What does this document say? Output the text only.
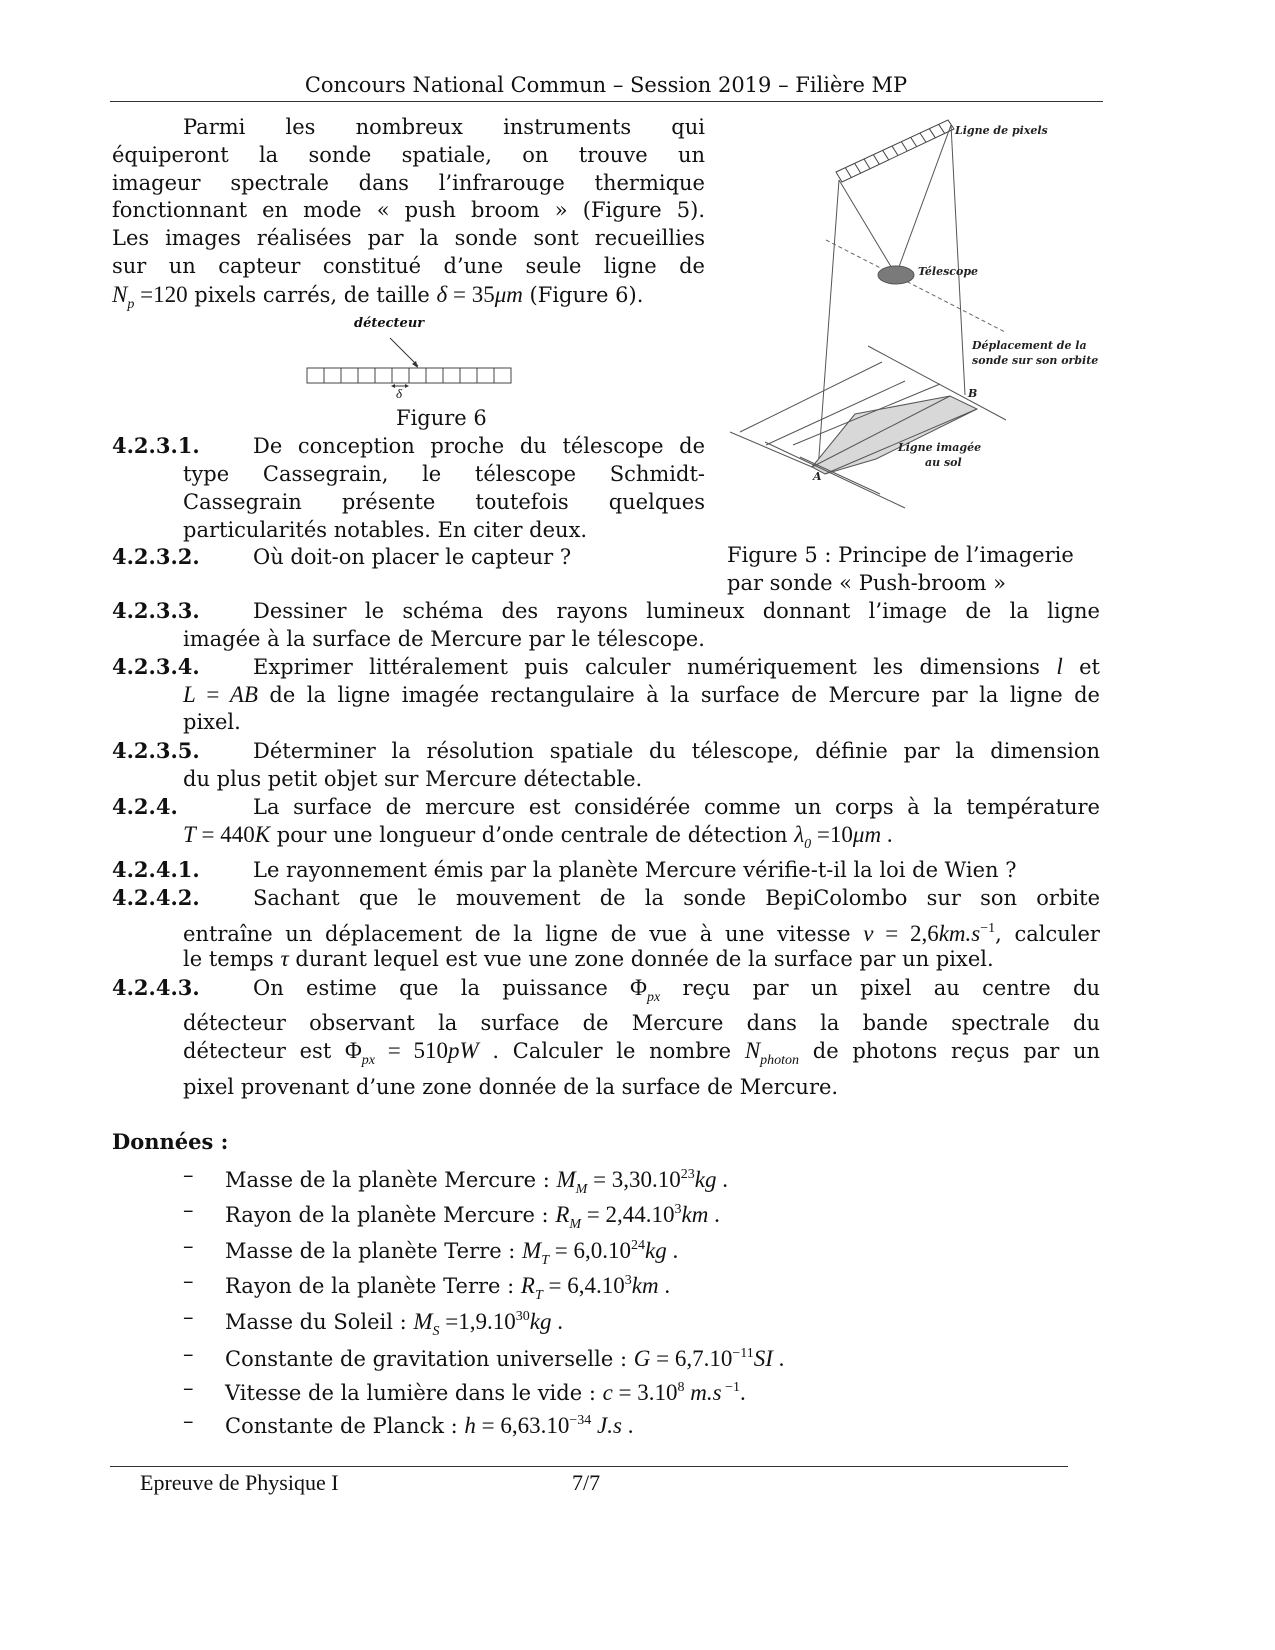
Concours National Commun – Session 2019 – Filière MP
Parmi les nombreux instruments qui
équiperont la sonde spatiale, on trouve un
imageur spectrale dans l’infrarouge thermique
fonctionnant en mode « push broom » (Figure 5).
Les images réalisées par la sonde sont recueillies
sur un capteur constitué d’une seule ligne de
$N_p =120$ pixels carrés, de taille δ = 35μm (Figure 6).
détecteur
δ
Figure 6
Ligne de pixels
Télescope
Déplacement de la
sonde sur son orbite
B
Ligne imagée
au sol
A
Figure 5 : Principe de l’imagerie
par sonde « Push-broom »
4.2.3.1.	De conception proche du télescope de
type Cassegrain, le télescope Schmidt-
Cassegrain présente toutefois quelques
particularités notables. En citer deux.
4.2.3.2.	Où doit-on placer le capteur ?
4.2.3.3.	Dessiner le schéma des rayons lumineux donnant l’image de la ligne
imagée à la surface de Mercure par le télescope.
4.2.3.4.	Exprimer littéralement puis calculer numériquement les dimensions l et
L = AB de la ligne imagée rectangulaire à la surface de Mercure par la ligne de
pixel.
4.2.3.5.	Déterminer la résolution spatiale du télescope, définie par la dimension
du plus petit objet sur Mercure détectable.
4.2.4.	La surface de mercure est considérée comme un corps à la température
T = 440K pour une longueur d’onde centrale de détection $\lambda_0 =10\mu m$ .
4.2.4.1.	Le rayonnement émis par la planète Mercure vérifie-t-il la loi de Wien ?
4.2.4.2.	Sachant que le mouvement de la sonde BepiColombo sur son orbite
entraîne un déplacement de la ligne de vue à une vitesse $v = 2,6km.s^{-1}$, calculer
le temps τ durant lequel est vue une zone donnée de la surface par un pixel.
4.2.4.3.	On estime que la puissance $\Phi_{px}$ reçu par un pixel au centre du
détecteur observant la surface de Mercure dans la bande spectrale du
détecteur est $\Phi_{px} = 510pW$ . Calculer le nombre $N_{photon}$ de photons reçus par un
pixel provenant d’une zone donnée de la surface de Mercure.
Données :
– Masse de la planète Mercure : $M_M = 3,30.10^{23}kg$ .
– Rayon de la planète Mercure : $R_M = 2,44.10^3km$ .
– Masse de la planète Terre : $M_T = 6,0.10^{24}kg$ .
– Rayon de la planète Terre : $R_T = 6,4.10^3km$ .
– Masse du Soleil : $M_S =1,9.10^{30}kg$ .
– Constante de gravitation universelle : $G = 6,7.10^{-11}SI$ .
– Vitesse de la lumière dans le vide : $c = 3.10^8$ m.s $^{-1}$.
– Constante de Planck : $h = 6,63.10^{-34}$ J.s .
Epreuve de Physique I	7/7
